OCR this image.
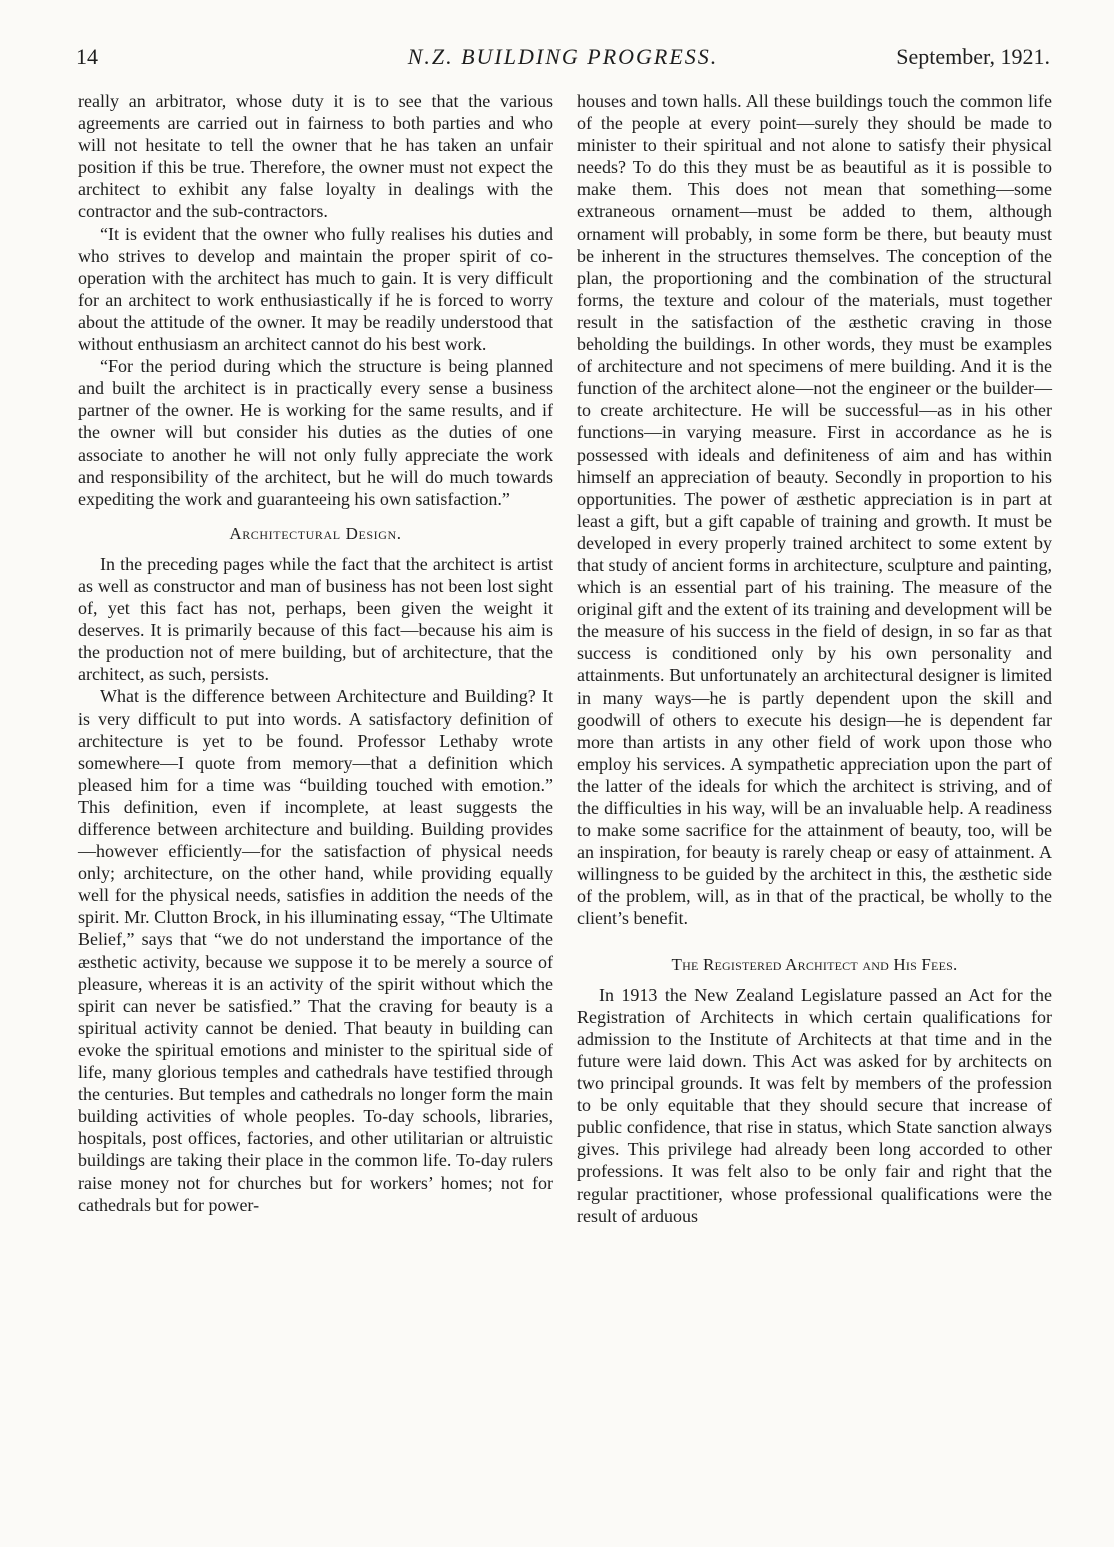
14	N.Z. BUILDING PROGRESS.	September, 1921.

really an arbitrator, whose duty it is to see that the various agreements are carried out in fairness to both parties and who will not hesitate to tell the owner that he has taken an unfair position if this be true. Therefore, the owner must not expect the architect to exhibit any false loyalty in dealings with the contractor and the sub-contractors.

“It is evident that the owner who fully realises his duties and who strives to develop and maintain the proper spirit of co-operation with the architect has much to gain. It is very difficult for an architect to work enthusiastically if he is forced to worry about the attitude of the owner. It may be readily understood that without enthusiasm an architect cannot do his best work.

“For the period during which the structure is being planned and built the architect is in practically every sense a business partner of the owner. He is working for the same results, and if the owner will but consider his duties as the duties of one associate to another he will not only fully appreciate the work and responsibility of the architect, but he will do much towards expediting the work and guaranteeing his own satisfaction.”

Architectural Design.

In the preceding pages while the fact that the architect is artist as well as constructor and man of business has not been lost sight of, yet this fact has not, perhaps, been given the weight it deserves. It is primarily because of this fact—because his aim is the production not of mere building, but of architecture, that the architect, as such, persists.

What is the difference between Architecture and Building? It is very difficult to put into words. A satisfactory definition of architecture is yet to be found. Professor Lethaby wrote somewhere—I quote from memory—that a definition which pleased him for a time was “building touched with emotion.” This definition, even if incomplete, at least suggests the difference between architecture and building. Building provides—however efficiently—for the satisfaction of physical needs only; architecture, on the other hand, while providing equally well for the physical needs, satisfies in addition the needs of the spirit. Mr. Clutton Brock, in his illuminating essay, “The Ultimate Belief,” says that “we do not understand the importance of the æsthetic activity, because we suppose it to be merely a source of pleasure, whereas it is an activity of the spirit without which the spirit can never be satisfied.” That the craving for beauty is a spiritual activity cannot be denied. That beauty in building can evoke the spiritual emotions and minister to the spiritual side of life, many glorious temples and cathedrals have testified through the centuries. But temples and cathedrals no longer form the main building activities of whole peoples. To-day schools, libraries, hospitals, post offices, factories, and other utilitarian or altruistic buildings are taking their place in the common life. To-day rulers raise money not for churches but for workers’ homes; not for cathedrals but for power-

houses and town halls. All these buildings touch the common life of the people at every point—surely they should be made to minister to their spiritual and not alone to satisfy their physical needs? To do this they must be as beautiful as it is possible to make them. This does not mean that something—some extraneous ornament—must be added to them, although ornament will probably, in some form be there, but beauty must be inherent in the structures themselves. The conception of the plan, the proportioning and the combination of the structural forms, the texture and colour of the materials, must together result in the satisfaction of the æsthetic craving in those beholding the buildings. In other words, they must be examples of architecture and not specimens of mere building. And it is the function of the architect alone—not the engineer or the builder—to create architecture. He will be successful—as in his other functions—in varying measure. First in accordance as he is possessed with ideals and definiteness of aim and has within himself an appreciation of beauty. Secondly in proportion to his opportunities. The power of æsthetic appreciation is in part at least a gift, but a gift capable of training and growth. It must be developed in every properly trained architect to some extent by that study of ancient forms in architecture, sculpture and painting, which is an essential part of his training. The measure of the original gift and the extent of its training and development will be the measure of his success in the field of design, in so far as that success is conditioned only by his own personality and attainments. But unfortunately an architectural designer is limited in many ways—he is partly dependent upon the skill and goodwill of others to execute his design—he is dependent far more than artists in any other field of work upon those who employ his services. A sympathetic appreciation upon the part of the latter of the ideals for which the architect is striving, and of the difficulties in his way, will be an invaluable help. A readiness to make some sacrifice for the attainment of beauty, too, will be an inspiration, for beauty is rarely cheap or easy of attainment. A willingness to be guided by the architect in this, the æsthetic side of the problem, will, as in that of the practical, be wholly to the client’s benefit.

The Registered Architect and His Fees.

In 1913 the New Zealand Legislature passed an Act for the Registration of Architects in which certain qualifications for admission to the Institute of Architects at that time and in the future were laid down. This Act was asked for by architects on two principal grounds. It was felt by members of the profession to be only equitable that they should secure that increase of public confidence, that rise in status, which State sanction always gives. This privilege had already been long accorded to other professions. It was felt also to be only fair and right that the regular practitioner, whose professional qualifications were the result of arduous
